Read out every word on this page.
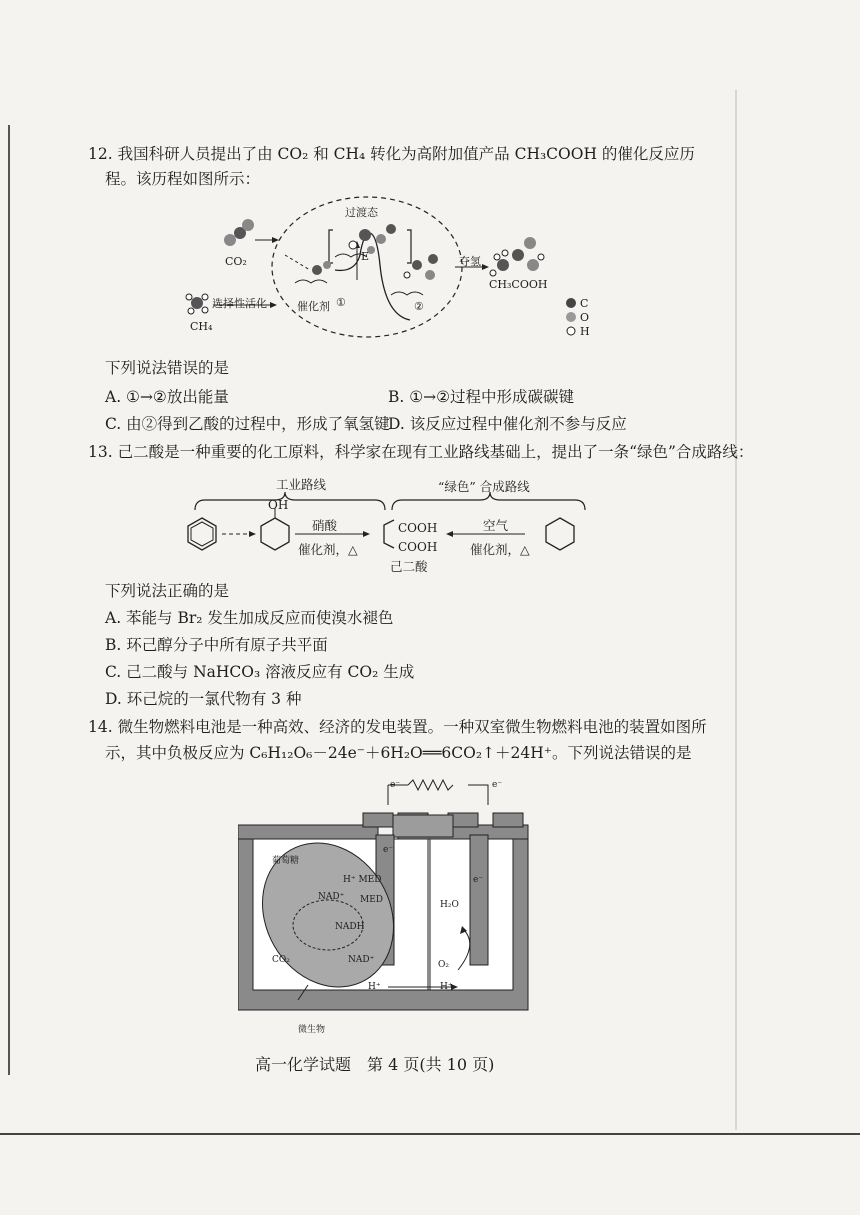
12. 我国科研人员提出了由 CO₂ 和 CH₄ 转化为高附加值产品 CH₃COOH 的催化反应历
程。该历程如图所示：
过渡态
CO₂
选择性活化
CH₄
催化剂 ①	②
E	夺氢
CH₃COOH
C
O
H
下列说法错误的是
A. ①→②放出能量	B. ①→②过程中形成碳碳键
C. 由②得到乙酸的过程中，形成了氧氢键
D. 该反应过程中催化剂不参与反应
13. 己二酸是一种重要的化工原料，科学家在现有工业路线基础上，提出了一条“绿色”合成路线：
工业路线	“绿色” 合成路线
OH
硝酸
催化剂，△
COOH
COOH
己二酸
空气
催化剂，△
下列说法正确的是
A. 苯能与 Br₂ 发生加成反应而使溴水褪色
B. 环己醇分子中所有原子共平面
C. 己二酸与 NaHCO₃ 溶液反应有 CO₂ 生成
D. 环己烷的一氯代物有 3 种
14. 微生物燃料电池是一种高效、经济的发电装置。一种双室微生物燃料电池的装置如图所
示，其中负极反应为 C₆H₁₂O₆－24e⁻＋6H₂O══6CO₂↑＋24H⁺。下列说法错误的是
e⁻	e⁻
葡萄糖
H⁺ MED
NAD⁺ MED
NADH
NAD⁺
CO₂
H⁺	H⁺
H₂O
O₂
e⁻
e⁻
微生物
高一化学试题　第 4 页(共 10 页)
